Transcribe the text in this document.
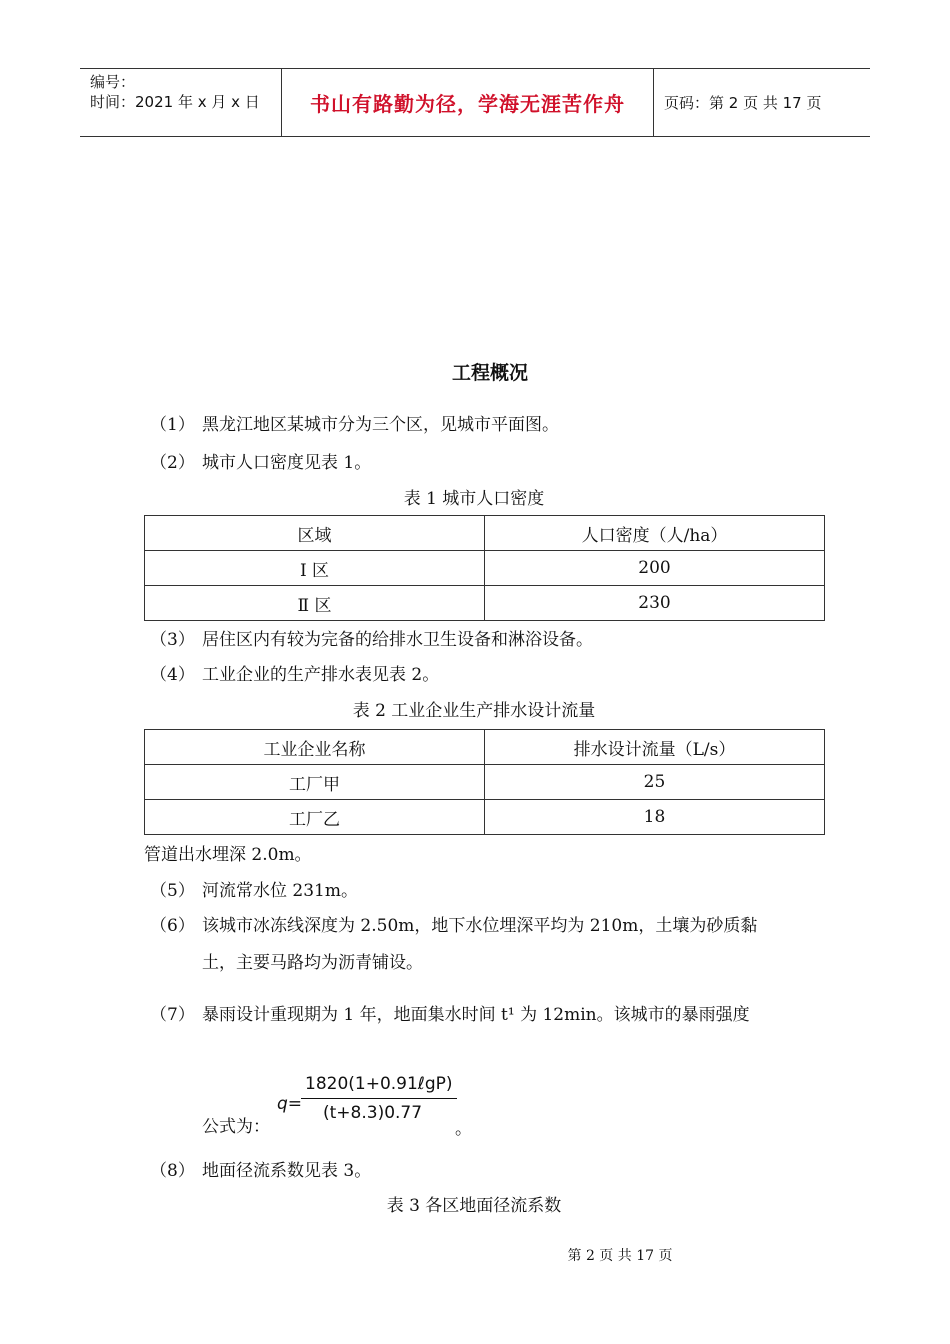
编号：
时间：2021 年 x 月 x 日	书山有路勤为径，学海无涯苦作舟	页码：第 2 页 共 17 页
工程概况
（1） 黑龙江地区某城市分为三个区，见城市平面图。
（2） 城市人口密度见表 1。
表 1 城市人口密度
区域	人口密度（人/ha）
Ⅰ 区	200
Ⅱ 区	230
（3） 居住区内有较为完备的给排水卫生设备和淋浴设备。
（4） 工业企业的生产排水表见表 2。
表 2 工业企业生产排水设计流量
工业企业名称	排水设计流量（L/s）
工厂甲	25
工厂乙	18
管道出水埋深 2.0m。
（5） 河流常水位 231m。
（6） 该城市冰冻线深度为 2.50m，地下水位埋深平均为 210m，土壤为砂质黏
土，主要马路均为沥青铺设。
（7） 暴雨设计重现期为 1 年，地面集水时间 t¹ 为 12min。该城市的暴雨强度
公式为：
q=
1820(1+0.91ℓgP)
(t+8.3)0.77
。
（8） 地面径流系数见表 3。
表 3 各区地面径流系数
第 2 页 共 17 页
